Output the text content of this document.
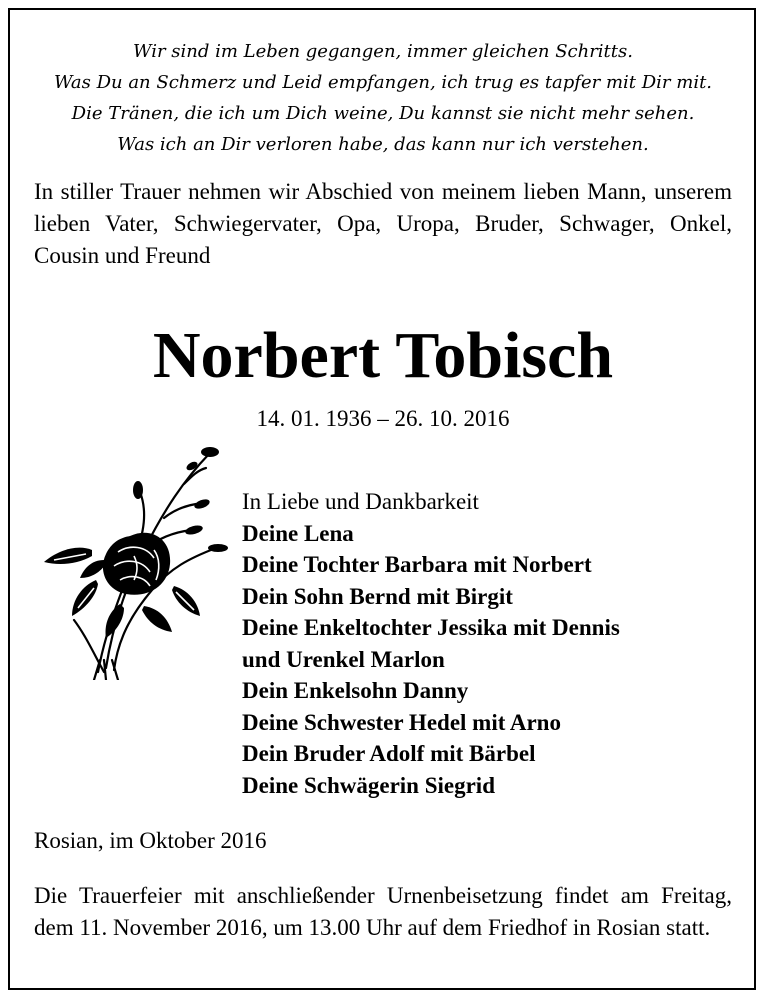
Wir sind im Leben gegangen, immer gleichen Schritts.
Was Du an Schmerz und Leid empfangen, ich trug es tapfer mit Dir mit.
Die Tränen, die ich um Dich weine, Du kannst sie nicht mehr sehen.
Was ich an Dir verloren habe, das kann nur ich verstehen.
In stiller Trauer nehmen wir Abschied von meinem lieben Mann, unserem lieben Vater, Schwiegervater, Opa, Uropa, Bruder, Schwager, Onkel, Cousin und Freund
Norbert Tobisch
14. 01. 1936 – 26. 10. 2016
In Liebe und Dankbarkeit
Deine Lena
Deine Tochter Barbara mit Norbert
Dein Sohn Bernd mit Birgit
Deine Enkeltochter Jessika mit Dennis
und Urenkel Marlon
Dein Enkelsohn Danny
Deine Schwester Hedel mit Arno
Dein Bruder Adolf mit Bärbel
Deine Schwägerin Siegrid
Rosian, im Oktober 2016
Die Trauerfeier mit anschließender Urnenbeisetzung findet am Freitag, dem 11. November 2016, um 13.00 Uhr auf dem Friedhof in Rosian statt.
